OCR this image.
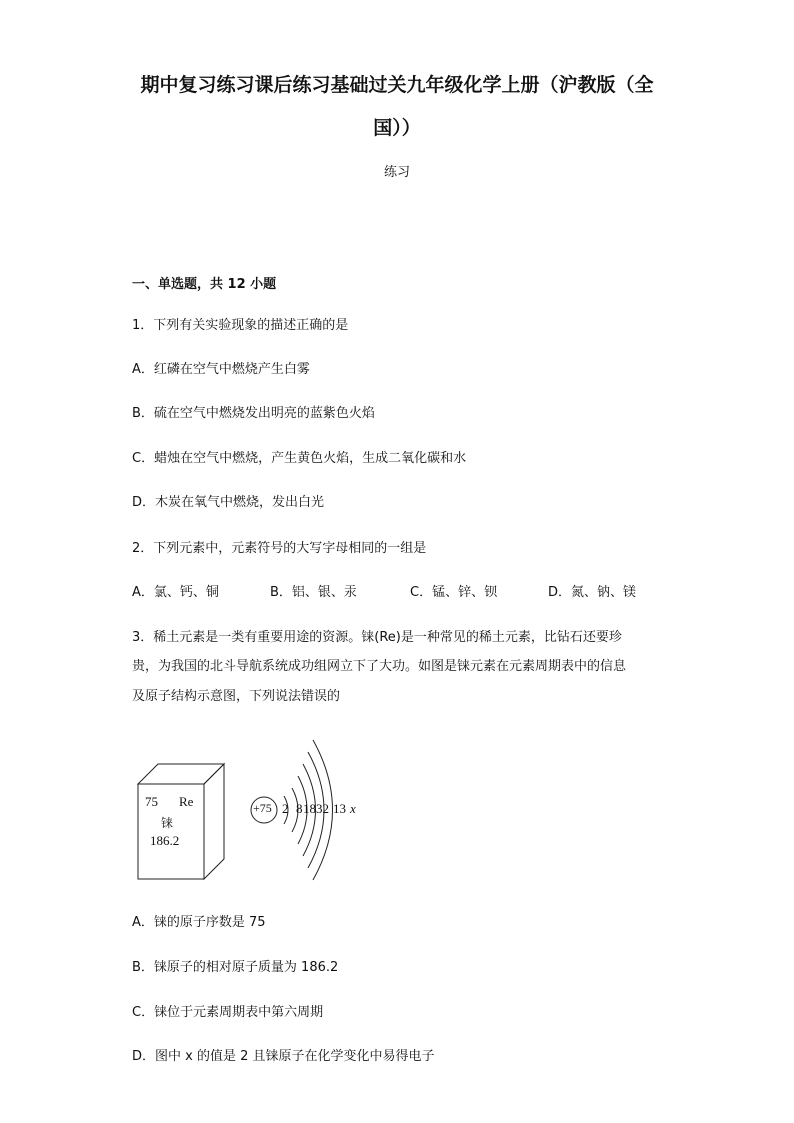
期中复习练习课后练习基础过关九年级化学上册（沪教版（全
国））
练习
一、单选题，共 12 小题
1．下列有关实验现象的描述正确的是
A．红磷在空气中燃烧产生白雾
B．硫在空气中燃烧发出明亮的蓝紫色火焰
C．蜡烛在空气中燃烧，产生黄色火焰，生成二氧化碳和水
D．木炭在氧气中燃烧，发出白光
2．下列元素中，元素符号的大写字母相同的一组是
A．氯、钙、铜	B．铝、银、汞	C．锰、锌、钡	D．氮、钠、镁
3．稀土元素是一类有重要用途的资源。铼(Re)是一种常见的稀土元素，比钻石还要珍
贵，为我国的北斗导航系统成功组网立下了大功。如图是铼元素在元素周期表中的信息
及原子结构示意图，下列说法错误的
75 Re
铼
186.2
+75 2 8 18 32 13 x
A．铼的原子序数是 75
B．铼原子的相对原子质量为 186.2
C．铼位于元素周期表中第六周期
D．图中 x 的值是 2 且铼原子在化学变化中易得电子
